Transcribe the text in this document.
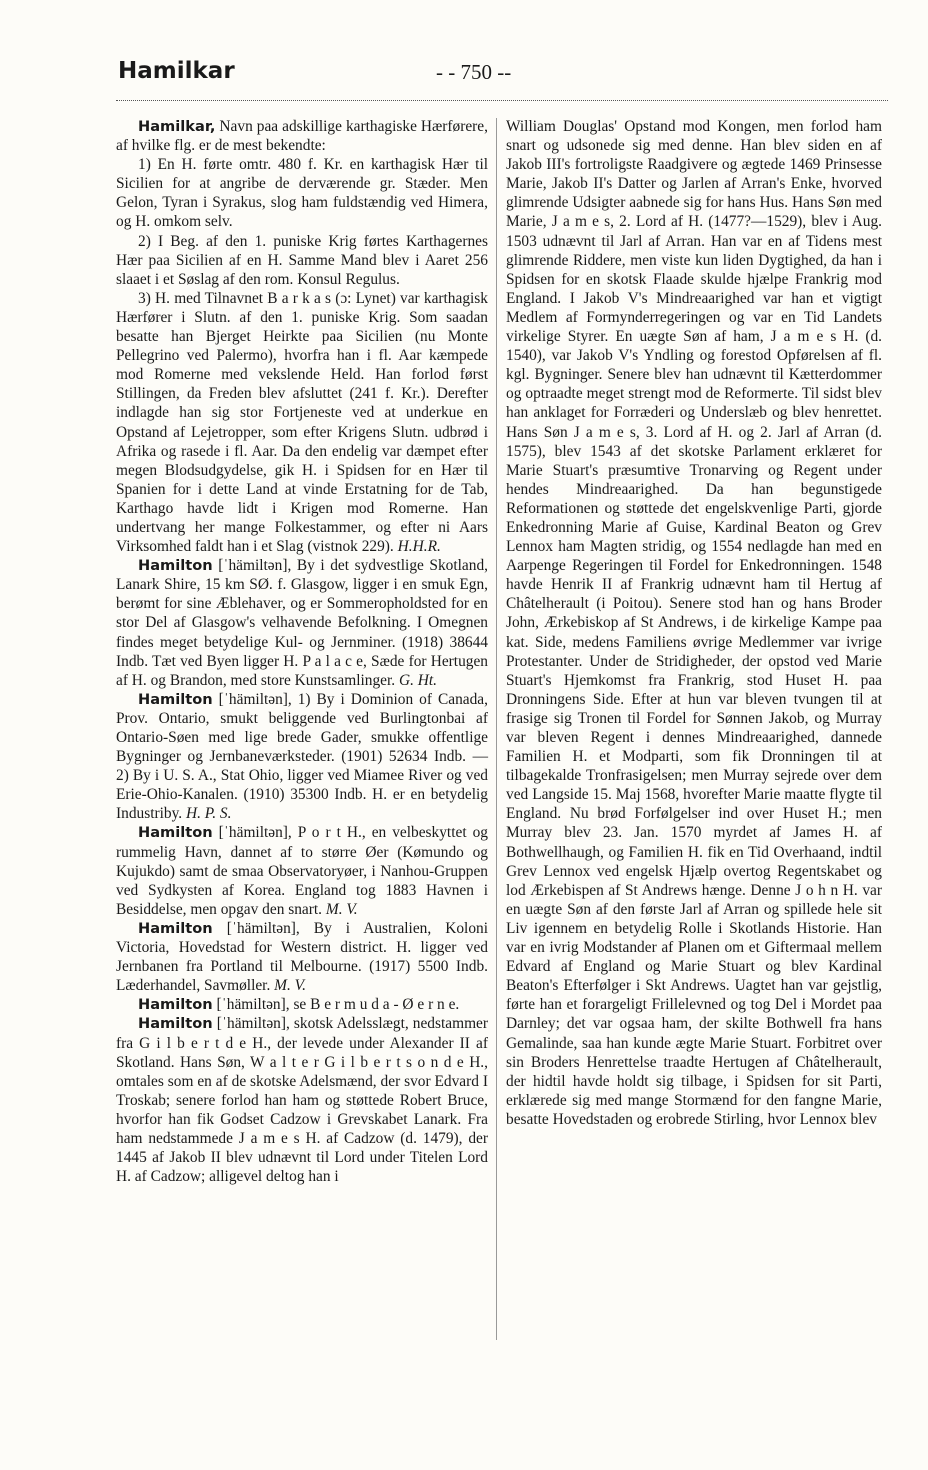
Hamilkar	- - 750 --

Hamilkar, Navn paa adskillige karthagiske Hærførere, af hvilke flg. er de mest bekendte:

1) En H. førte omtr. 480 f. Kr. en karthagisk Hær til Sicilien for at angribe de derværende gr. Stæder. Men Gelon, Tyran i Syrakus, slog ham fuldstændig ved Himera, og H. omkom selv.

2) I Beg. af den 1. puniske Krig førtes Karthagernes Hær paa Sicilien af en H. Samme Mand blev i Aaret 256 slaaet i et Søslag af den rom. Konsul Regulus.

3) H. med Tilnavnet B a r k a s (ɔ: Lynet) var karthagisk Hærfører i Slutn. af den 1. puniske Krig. Som saadan besatte han Bjerget Heirkte paa Sicilien (nu Monte Pellegrino ved Palermo), hvorfra han i fl. Aar kæmpede mod Romerne med vekslende Held. Han forlod først Stillingen, da Freden blev afsluttet (241 f. Kr.). Derefter indlagde han sig stor Fortjeneste ved at underkue en Opstand af Lejetropper, som efter Krigens Slutn. udbrød i Afrika og rasede i fl. Aar. Da den endelig var dæmpet efter megen Blodsudgydelse, gik H. i Spidsen for en Hær til Spanien for i dette Land at vinde Erstatning for de Tab, Karthago havde lidt i Krigen mod Romerne. Han undertvang her mange Folkestammer, og efter ni Aars Virksomhed faldt han i et Slag (vistnok 229). H.H.R.

Hamilton [ˈhämiltən], By i det sydvestlige Skotland, Lanark Shire, 15 km SØ. f. Glasgow, ligger i en smuk Egn, berømt for sine Æblehaver, og er Sommeropholdsted for en stor Del af Glasgow's velhavende Befolkning. I Omegnen findes meget betydelige Kul- og Jernminer. (1918) 38644 Indb. Tæt ved Byen ligger H. P a l a c e, Sæde for Hertugen af H. og Brandon, med store Kunstsamlinger. G. Ht.

Hamilton [ˈhämiltən], 1) By i Dominion of Canada, Prov. Ontario, smukt beliggende ved Burlingtonbai af Ontario-Søen med lige brede Gader, smukke offentlige Bygninger og Jernbaneværksteder. (1901) 52634 Indb. — 2) By i U. S. A., Stat Ohio, ligger ved Miamee River og ved Erie-Ohio-Kanalen. (1910) 35300 Indb. H. er en betydelig Industriby. H. P. S.

Hamilton [ˈhämiltən], P o r t H., en velbeskyttet og rummelig Havn, dannet af to større Øer (Kømundo og Kujukdo) samt de smaa Observatoryøer, i Nanhou-Gruppen ved Sydkysten af Korea. England tog 1883 Havnen i Besiddelse, men opgav den snart. M. V.

Hamilton [ˈhämiltən], By i Australien, Koloni Victoria, Hovedstad for Western district. H. ligger ved Jernbanen fra Portland til Melbourne. (1917) 5500 Indb. Læderhandel, Savmøller. M. V.

Hamilton [ˈhämiltən], se B e r m u d a - Ø e r n e.

Hamilton [ˈhämiltən], skotsk Adelsslægt, nedstammer fra G i l b e r t d e H., der levede under Alexander II af Skotland. Hans Søn, W a l t e r G i l b e r t s o n d e H., omtales som en af de skotske Adelsmænd, der svor Edvard I Troskab; senere forlod han ham og støttede Robert Bruce, hvorfor han fik Godset Cadzow i Grevskabet Lanark. Fra ham nedstammede J a m e s H. af Cadzow (d. 1479), der 1445 af Jakob II blev udnævnt til Lord under Titelen Lord H. af Cadzow; alligevel deltog han i

William Douglas' Opstand mod Kongen, men forlod ham snart og udsonede sig med denne. Han blev siden en af Jakob III's fortroligste Raadgivere og ægtede 1469 Prinsesse Marie, Jakob II's Datter og Jarlen af Arran's Enke, hvorved glimrende Udsigter aabnede sig for hans Hus. Hans Søn med Marie, J a m e s, 2. Lord af H. (1477?—1529), blev i Aug. 1503 udnævnt til Jarl af Arran. Han var en af Tidens mest glimrende Riddere, men viste kun liden Dygtighed, da han i Spidsen for en skotsk Flaade skulde hjælpe Frankrig mod England. I Jakob V's Mindreaarighed var han et vigtigt Medlem af Formynderregeringen og var en Tid Landets virkelige Styrer. En uægte Søn af ham, J a m e s H. (d. 1540), var Jakob V's Yndling og forestod Opførelsen af fl. kgl. Bygninger. Senere blev han udnævnt til Kætterdommer og optraadte meget strengt mod de Reformerte. Til sidst blev han anklaget for Forræderi og Underslæb og blev henrettet. Hans Søn J a m e s, 3. Lord af H. og 2. Jarl af Arran (d. 1575), blev 1543 af det skotske Parlament erklæret for Marie Stuart's præsumtive Tronarving og Regent under hendes Mindreaarighed. Da han begunstigede Reformationen og støttede det engelskvenlige Parti, gjorde Enkedronning Marie af Guise, Kardinal Beaton og Grev Lennox ham Magten stridig, og 1554 nedlagde han med en Aarpenge Regeringen til Fordel for Enkedronningen. 1548 havde Henrik II af Frankrig udnævnt ham til Hertug af Châtelherault (i Poitou). Senere stod han og hans Broder John, Ærkebiskop af St Andrews, i de kirkelige Kampe paa kat. Side, medens Familiens øvrige Medlemmer var ivrige Protestanter. Under de Stridigheder, der opstod ved Marie Stuart's Hjemkomst fra Frankrig, stod Huset H. paa Dronningens Side. Efter at hun var bleven tvungen til at frasige sig Tronen til Fordel for Sønnen Jakob, og Murray var bleven Regent i dennes Mindreaarighed, dannede Familien H. et Modparti, som fik Dronningen til at tilbagekalde Tronfrasigelsen; men Murray sejrede over dem ved Langside 15. Maj 1568, hvorefter Marie maatte flygte til England. Nu brød Forfølgelser ind over Huset H.; men Murray blev 23. Jan. 1570 myrdet af James H. af Bothwellhaugh, og Familien H. fik en Tid Overhaand, indtil Grev Lennox ved engelsk Hjælp overtog Regentskabet og lod Ærkebispen af St Andrews hænge. Denne J o h n H. var en uægte Søn af den første Jarl af Arran og spillede hele sit Liv igennem en betydelig Rolle i Skotlands Historie. Han var en ivrig Modstander af Planen om et Giftermaal mellem Edvard af England og Marie Stuart og blev Kardinal Beaton's Efterfølger i Skt Andrews. Uagtet han var gejstlig, førte han et forargeligt Frillelevned og tog Del i Mordet paa Darnley; det var ogsaa ham, der skilte Bothwell fra hans Gemalinde, saa han kunde ægte Marie Stuart. Forbitret over sin Broders Henrettelse traadte Hertugen af Châtelherault, der hidtil havde holdt sig tilbage, i Spidsen for sit Parti, erklærede sig med mange Stormænd for den fangne Marie, besatte Hovedstaden og erobrede Stirling, hvor Lennox blev
